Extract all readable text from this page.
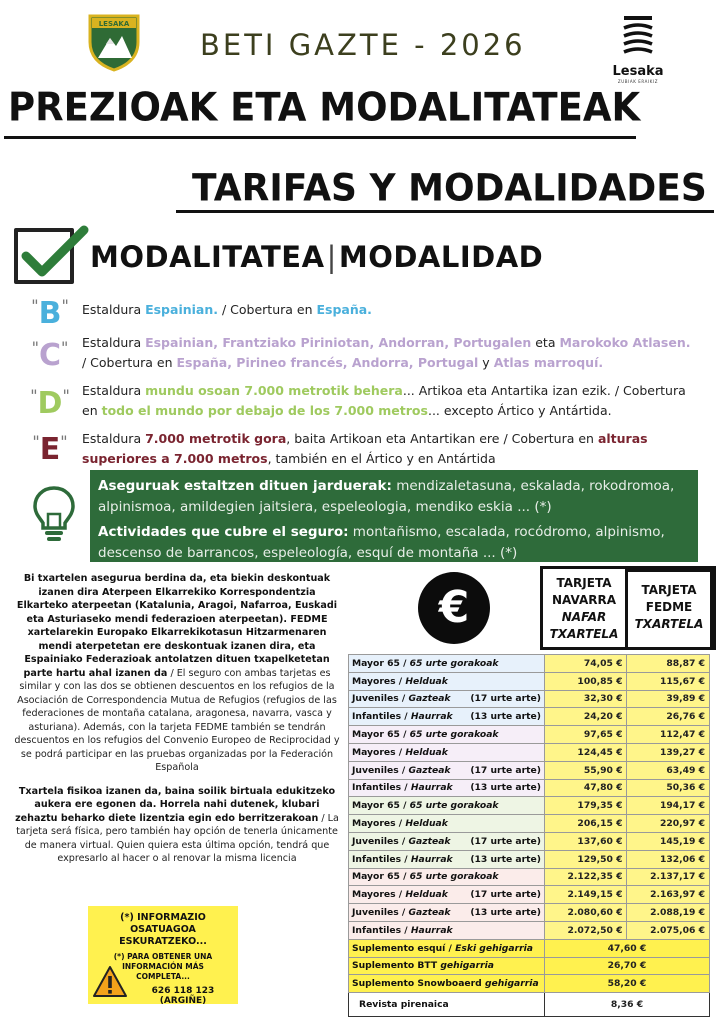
LESAKA
BETI GAZTE - 2026
Lesaka
ZUBIAK ERAIKIZ
PREZIOAK ETA MODALITATEAK
TARIFAS Y MODALIDADES
MODALITATEA|MODALIDAD
"B"	Estaldura Espainian. / Cobertura en España.
"C"	Estaldura Espainian, Frantziako Piriniotan, Andorran, Portugalen eta Marokoko Atlasen. / Cobertura en España, Pirineo francés, Andorra, Portugal y Atlas marroquí.
"D" Estaldura mundu osoan 7.000 metrotik behera... Artikoa eta Antartika izan ezik. / Cobertura en todo el mundo por debajo de los 7.000 metros... excepto Ártico y Antártida.
"E"	Estaldura 7.000 metrotik gora, baita Artikoan eta Antartikan ere / Cobertura en alturas superiores a 7.000 metros, también en el Ártico y en Antártida
Aseguruak estaltzen dituen jarduerak: mendizaletasuna, eskalada, rokodromoa, alpinismoa, amildegien jaitsiera, espeleologia, mendiko eskia ... (*)
Actividades que cubre el seguro: montañismo, escalada, rocódromo, alpinismo, descenso de barrancos, espeleología, esquí de montaña ... (*)

Bi txartelen asegurua berdina da, eta biekin deskontuak izanen dira Aterpeen Elkarrekiko Korrespondentzia Elkarteko aterpeetan (Katalunia, Aragoi, Nafarroa, Euskadi eta Asturiaseko mendi federazioen aterpeetan). FEDME xartelarekin Europako Elkarrekikotasun Hitzarmenaren mendi aterpetetan ere deskontuak izanen dira, eta Espainiako Federazioak antolatzen dituen txapelketetan parte hartu ahal izanen da / El seguro con ambas tarjetas es similar y con las dos se obtienen descuentos en los refugios de la Asociación de Correspondencia Mutua de Refugios (refugios de las federaciones de montaña catalana, aragonesa, navarra, vasca y asturiana). Además, con la tarjeta FEDME también se tendrán descuentos en los refugios del Convenio Europeo de Reciprocidad y se podrá participar en las pruebas organizadas por la Federación Española

Txartela fisikoa izanen da, baina soilik birtuala edukitzeko aukera ere egonen da. Horrela nahi dutenek, klubari zehaztu beharko diete lizentzia egin edo berritzerakoan / La tarjeta será física, pero también hay opción de tenerla únicamente de manera virtual. Quien quiera esta última opción, tendrá que expresarlo al hacer o al renovar la misma licencia

(*) INFORMAZIO OSATUAGOA ESKURATZEKO...
(*) PARA OBTENER UNA INFORMACIÓN MÁS COMPLETA...
626 118 123 (ARGIÑE)
€	TARJETA
NAVARRA
NAFAR
TXARTELA
TARJETA
FEDME
TXARTELA
Mayor 65 / 65 urte gorakoak	74,05 €	88,87 €
Mayores / Helduak	100,85 €	115,67 €
Juveniles / Gazteak (17 urte arte)	32,30 €	39,89 €
Infantiles / Haurrak (13 urte arte)	24,20 €	26,76 €
Mayor 65 / 65 urte gorakoak	97,65 €	112,47 €
Mayores / Helduak	124,45 €	139,27 €
Juveniles / Gazteak (17 urte arte)	55,90 €	63,49 €
Infantiles / Haurrak (13 urte arte)	47,80 €	50,36 €
Mayor 65 / 65 urte gorakoak	179,35 €	194,17 €
Mayores / Helduak	206,15 €	220,97 €
Juveniles / Gazteak (17 urte arte)	137,60 €	145,19 €
Infantiles / Haurrak (13 urte arte)	129,50 €	132,06 €
Mayor 65 / 65 urte gorakoak	2.122,35 €	2.137,17 €
Mayores / Helduak (17 urte arte)	2.149,15 €	2.163,97 €
Juveniles / Gazteak (13 urte arte)	2.080,60 €	2.088,19 €
Infantiles / Haurrak	2.072,50 €	2.075,06 €
Suplemento esquí / Eski gehigarria	47,60 €	
Suplemento BTT gehigarria	26,70 €	
Suplemento Snowboaerd gehigarria	58,20 €	
Revista pirenaica	8,36 €	
